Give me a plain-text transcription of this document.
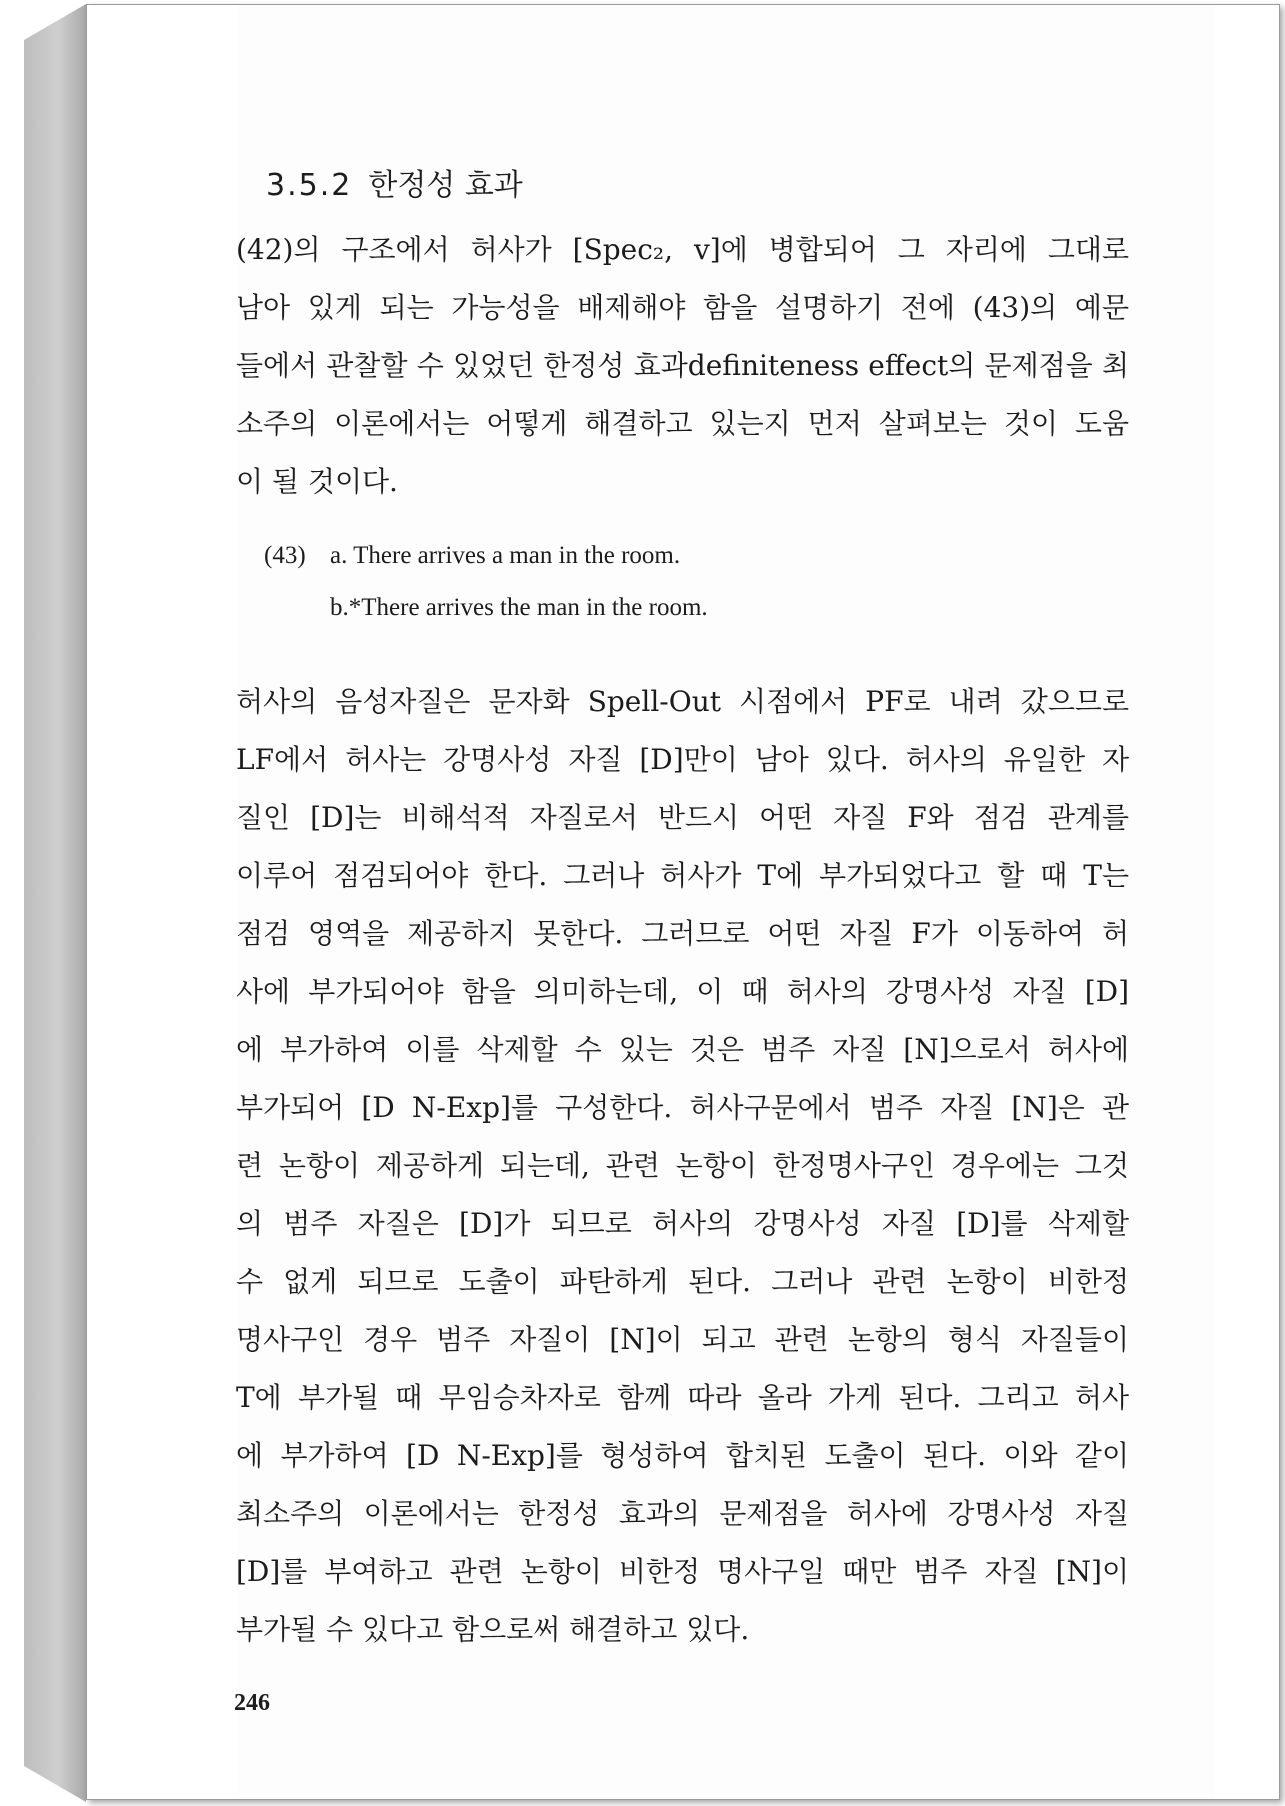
3.5.2 한정성 효과
(42)의 구조에서 허사가 [Spec₂, v]에 병합되어 그 자리에 그대로
남아 있게 되는 가능성을 배제해야 함을 설명하기 전에 (43)의 예문
들에서 관찰할 수 있었던 한정성 효과definiteness effect의 문제점을 최
소주의 이론에서는 어떻게 해결하고 있는지 먼저 살펴보는 것이 도움
이 될 것이다.
(43) a. There arrives a man in the room.
b.*There arrives the man in the room.
허사의 음성자질은 문자화 Spell-Out 시점에서 PF로 내려 갔으므로
LF에서 허사는 강명사성 자질 [D]만이 남아 있다. 허사의 유일한 자
질인 [D]는 비해석적 자질로서 반드시 어떤 자질 F와 점검 관계를
이루어 점검되어야 한다. 그러나 허사가 T에 부가되었다고 할 때 T는
점검 영역을 제공하지 못한다. 그러므로 어떤 자질 F가 이동하여 허
사에 부가되어야 함을 의미하는데, 이 때 허사의 강명사성 자질 [D]
에 부가하여 이를 삭제할 수 있는 것은 범주 자질 [N]으로서 허사에
부가되어 [D N-Exp]를 구성한다. 허사구문에서 범주 자질 [N]은 관
련 논항이 제공하게 되는데, 관련 논항이 한정명사구인 경우에는 그것
의 범주 자질은 [D]가 되므로 허사의 강명사성 자질 [D]를 삭제할
수 없게 되므로 도출이 파탄하게 된다. 그러나 관련 논항이 비한정
명사구인 경우 범주 자질이 [N]이 되고 관련 논항의 형식 자질들이
T에 부가될 때 무임승차자로 함께 따라 올라 가게 된다. 그리고 허사
에 부가하여 [D N-Exp]를 형성하여 합치된 도출이 된다. 이와 같이
최소주의 이론에서는 한정성 효과의 문제점을 허사에 강명사성 자질
[D]를 부여하고 관련 논항이 비한정 명사구일 때만 범주 자질 [N]이
부가될 수 있다고 함으로써 해결하고 있다.
246
